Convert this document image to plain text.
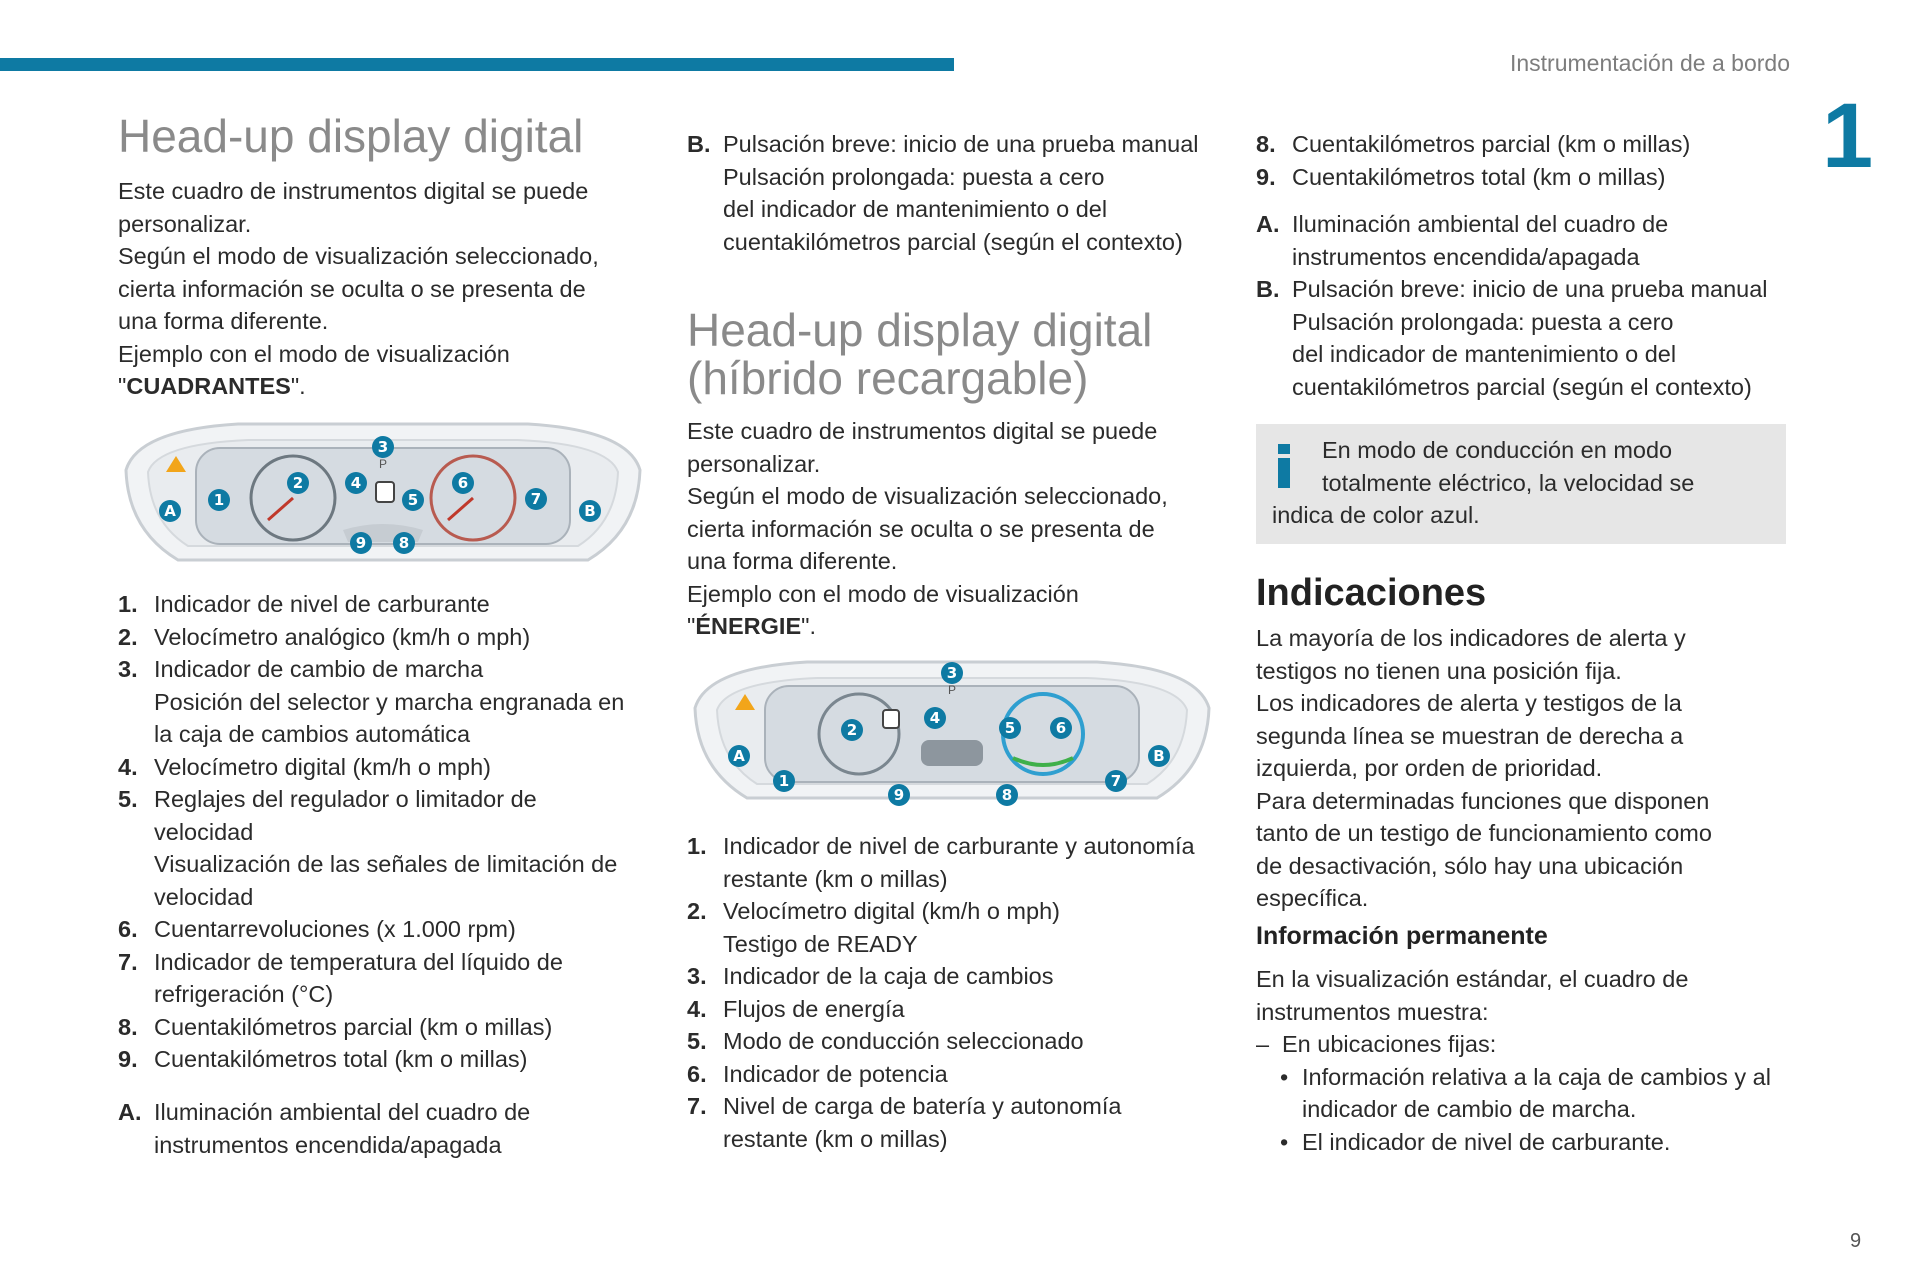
Instrumentación de a bordo
1
9
Head-up display digital

Este cuadro de instrumentos digital se puede
personalizar.
Según el modo de visualización seleccionado,
cierta información se oculta o se presenta de
una forma diferente.
Ejemplo con el modo de visualización
"CUADRANTES".

3
P
1
2	4
5
6
7
8
9
A	B
1. Indicador de nivel de carburante
2. Velocímetro analógico (km/h o mph)
3. Indicador de cambio de marcha
Posición del selector y marcha engranada en
la caja de cambios automática
4. Velocímetro digital (km/h o mph)
5. Reglajes del regulador o limitador de
velocidad
Visualización de las señales de limitación de
velocidad
6. Cuentarrevoluciones (x 1.000 rpm)
7. Indicador de temperatura del líquido de
refrigeración (°C)
8. Cuentakilómetros parcial (km o millas)
9. Cuentakilómetros total (km o millas)
A. Iluminación ambiental del cuadro de
instrumentos encendida/apagada
B. Pulsación breve: inicio de una prueba manual
Pulsación prolongada: puesta a cero
del indicador de mantenimiento o del
cuentakilómetros parcial (según el contexto)
Head-up display digital
(híbrido recargable)

Este cuadro de instrumentos digital se puede
personalizar.
Según el modo de visualización seleccionado,
cierta información se oculta o se presenta de
una forma diferente.
Ejemplo con el modo de visualización
"ÉNERGIE".

3
P
1
2
4
5	6
7
8
9
A	B
1. Indicador de nivel de carburante y autonomía
restante (km o millas)
2. Velocímetro digital (km/h o mph)
Testigo de READY
3. Indicador de la caja de cambios
4. Flujos de energía
5. Modo de conducción seleccionado
6. Indicador de potencia
7. Nivel de carga de batería y autonomía
restante (km o millas)
8. Cuentakilómetros parcial (km o millas)
9. Cuentakilómetros total (km o millas)
A. Iluminación ambiental del cuadro de
instrumentos encendida/apagada
B. Pulsación breve: inicio de una prueba manual
Pulsación prolongada: puesta a cero
del indicador de mantenimiento o del
cuentakilómetros parcial (según el contexto)

En modo de conducción en modo
totalmente eléctrico, la velocidad se
indica de color azul.

Indicaciones

La mayoría de los indicadores de alerta y
testigos no tienen una posición fija.
Los indicadores de alerta y testigos de la
segunda línea se muestran de derecha a
izquierda, por orden de prioridad.
Para determinadas funciones que disponen
tanto de un testigo de funcionamiento como
de desactivación, sólo hay una ubicación
específica.

Información permanente

En la visualización estándar, el cuadro de
instrumentos muestra:

– En ubicaciones fijas:
• Información relativa a la caja de cambios y al
indicador de cambio de marcha.
• El indicador de nivel de carburante.
